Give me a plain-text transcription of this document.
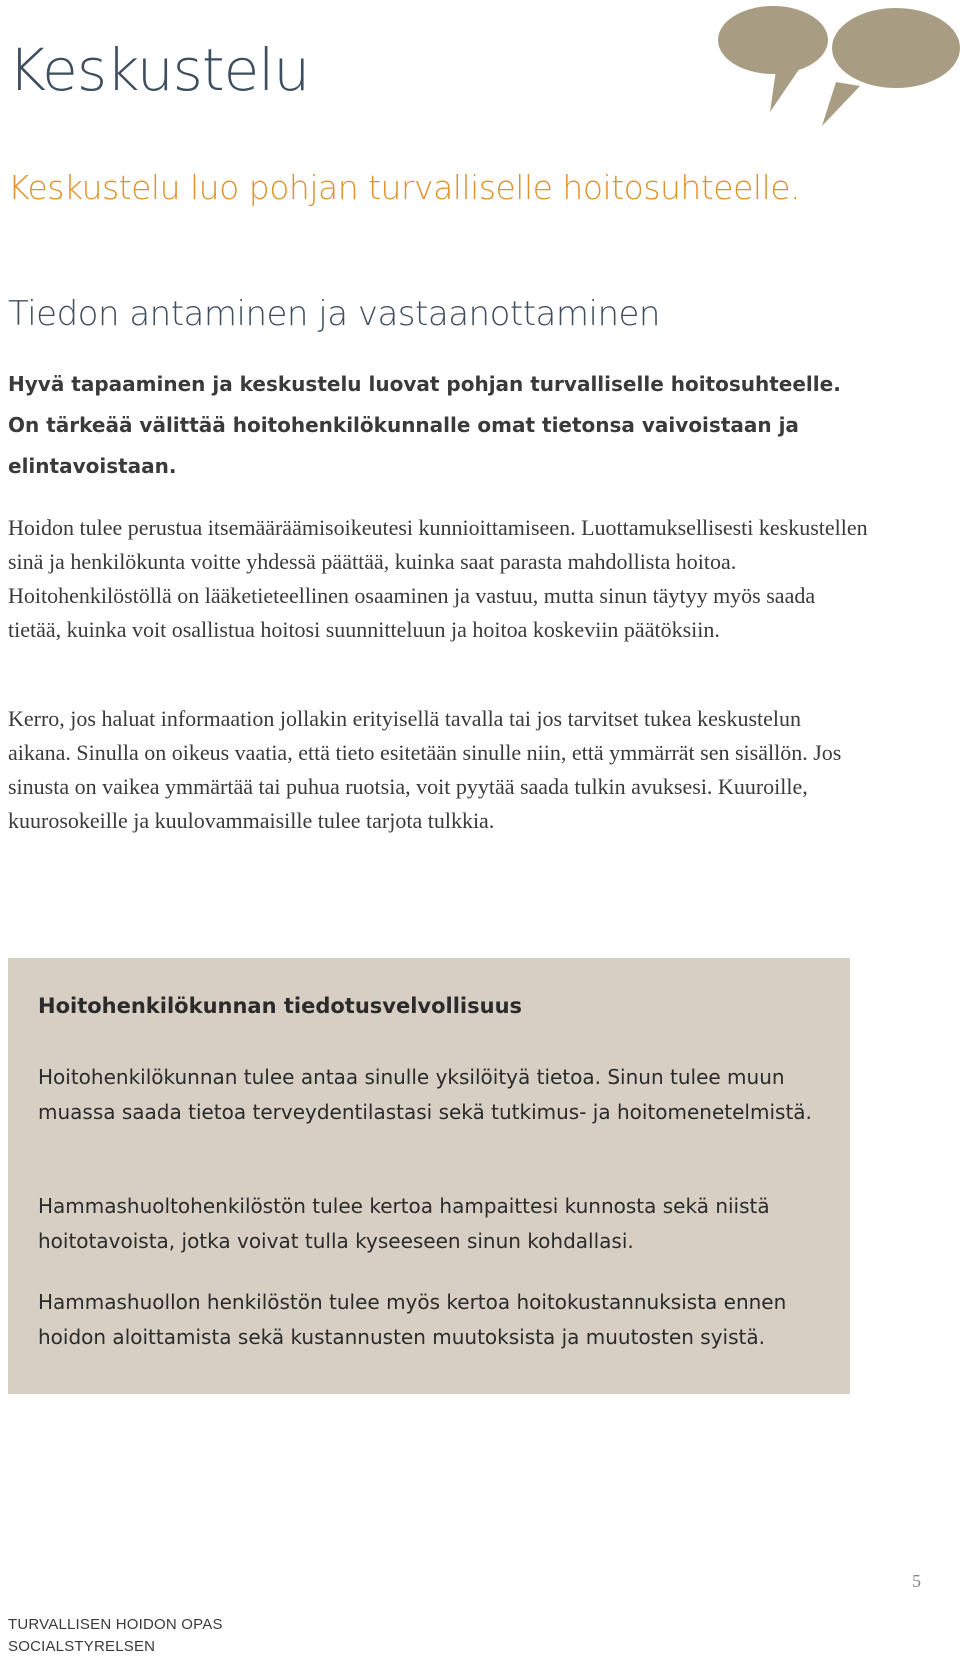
Keskustelu

Keskustelu luo pohjan turvalliselle hoitosuhteelle.

Tiedon antaminen ja vastaanottaminen

Hyvä tapaaminen ja keskustelu luovat pohjan turvalliselle hoitosuhteelle. On tärkeää välittää hoitohenkilökunnalle omat tietonsa vaivoistaan ja elintavoistaan.

Hoidon tulee perustua itsemääräämisoikeutesi kunnioittamiseen. Luottamuksellisesti keskustellen sinä ja henkilökunta voitte yhdessä päättää, kuinka saat parasta mahdollista hoitoa. Hoitohenkilöstöllä on lääketieteellinen osaaminen ja vastuu, mutta sinun täytyy myös saada tietää, kuinka voit osallistua hoitosi suunnitteluun ja hoitoa koskeviin päätöksiin.

Kerro, jos haluat informaation jollakin erityisellä tavalla tai jos tarvitset tukea keskustelun aikana. Sinulla on oikeus vaatia, että tieto esitetään sinulle niin, että ymmärrät sen sisällön. Jos sinusta on vaikea ymmärtää tai puhua ruotsia, voit pyytää saada tulkin avuksesi. Kuuroille, kuurosokeille ja kuulovammaisille tulee tarjota tulkkia.

Hoitohenkilökunnan tiedotusvelvollisuus

Hoitohenkilökunnan tulee antaa sinulle yksilöityä tietoa. Sinun tulee muun muassa saada tietoa terveydentilastasi sekä tutkimus- ja hoitomenetelmistä.

Hammashuoltohenkilöstön tulee kertoa hampaittesi kunnosta sekä niistä hoitotavoista, jotka voivat tulla kyseeseen sinun kohdallasi.

Hammashuollon henkilöstön tulee myös kertoa hoitokustannuksista ennen hoidon aloittamista sekä kustannusten muutoksista ja muutosten syistä.

5
TURVALLISEN HOIDON OPAS
SOCIALSTYRELSEN
